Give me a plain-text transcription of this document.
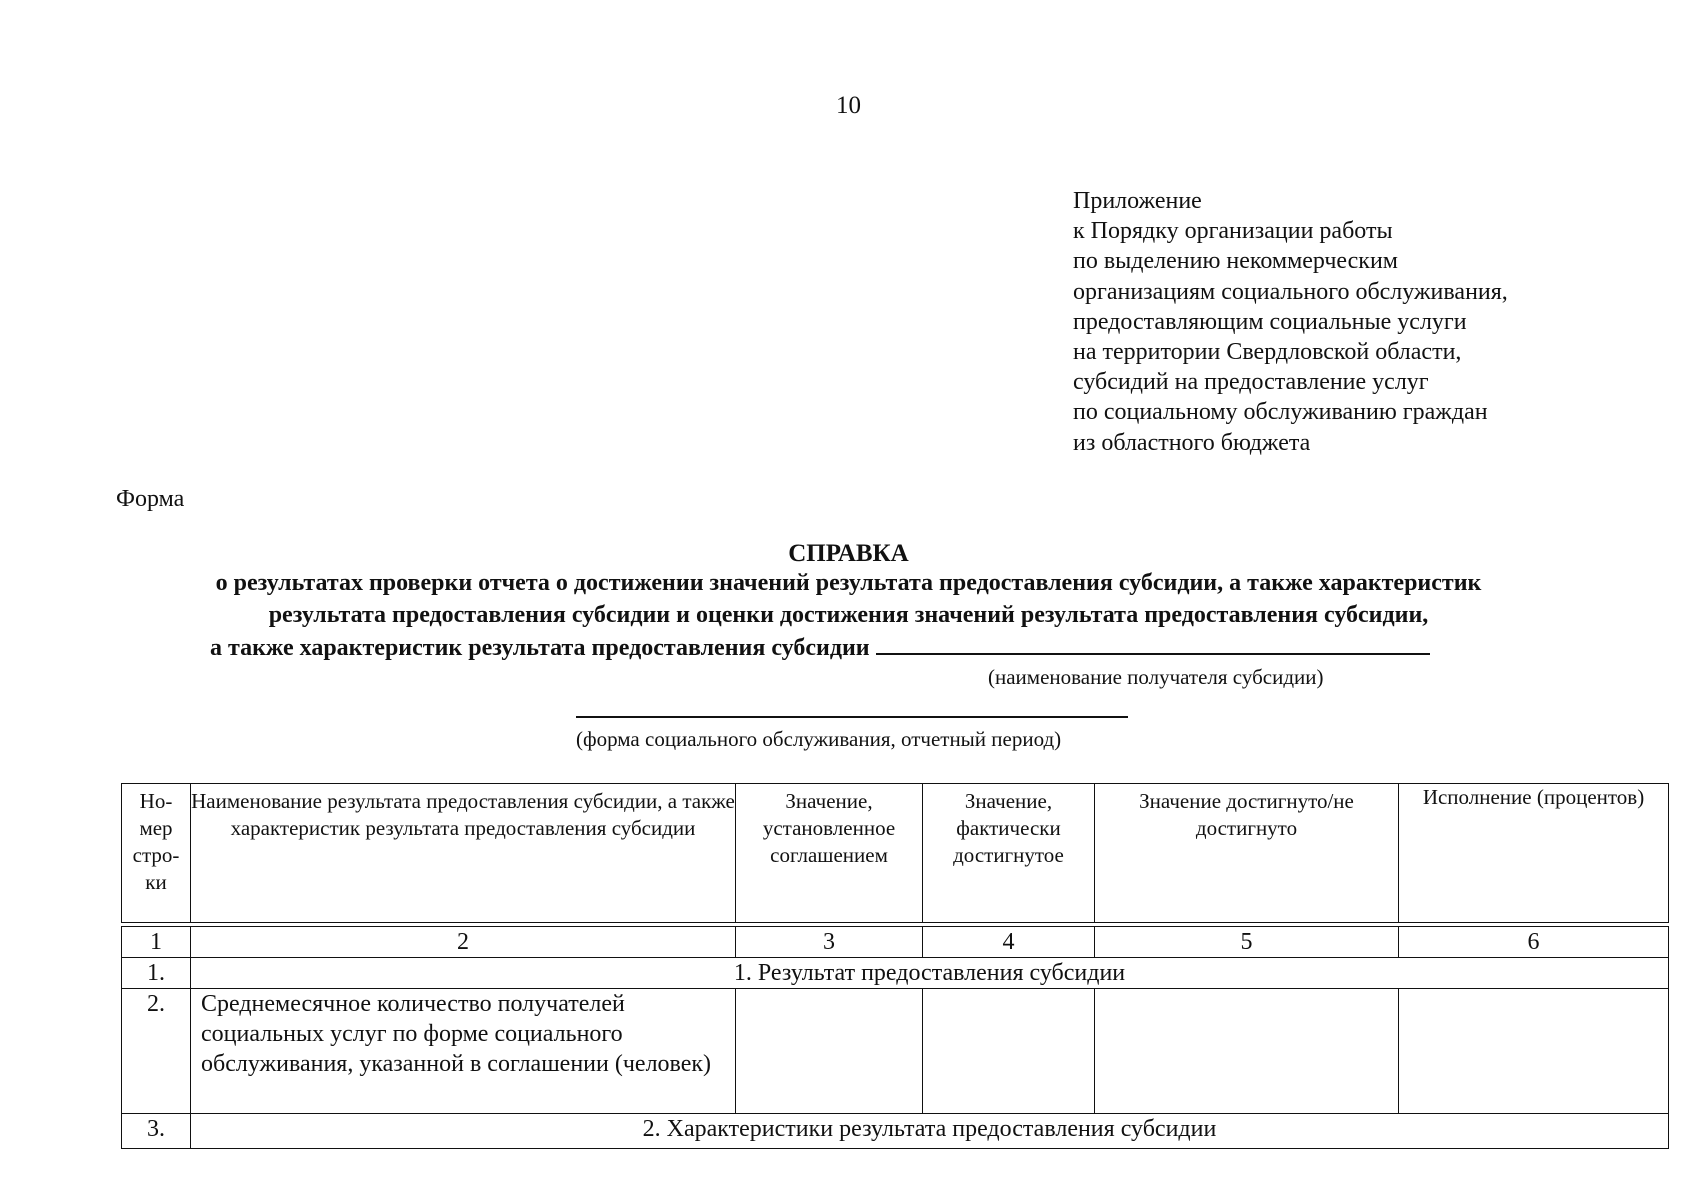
10
Приложение
к Порядку организации работы
по выделению некоммерческим
организациям социального обслуживания,
предоставляющим социальные услуги
на территории Свердловской области,
субсидий на предоставление услуг
по социальному обслуживанию граждан
из областного бюджета
Форма
СПРАВКА
о результатах проверки отчета о достижении значений результата предоставления субсидии, а также характеристик
результата предоставления субсидии и оценки достижения значений результата предоставления субсидии,
а также характеристик результата предоставления субсидии
(наименование получателя субсидии)
(форма социального обслуживания, отчетный период)
Но-мер стро-ки	Наименование результата предоставления субсидии, а также характеристик результата предоставления субсидии	Значение, установленное соглашением	Значение, фактически достигнутое	Значение достигнуто/не достигнуто	Исполнение (процентов)

1	2	3	4	5	6
1.	1. Результат предоставления субсидии				
2.	Среднемесячное количество получателей социальных услуг по форме социального обслуживания, указанной в соглашении (человек)				
3.	2. Характеристики результата предоставления субсидии				
